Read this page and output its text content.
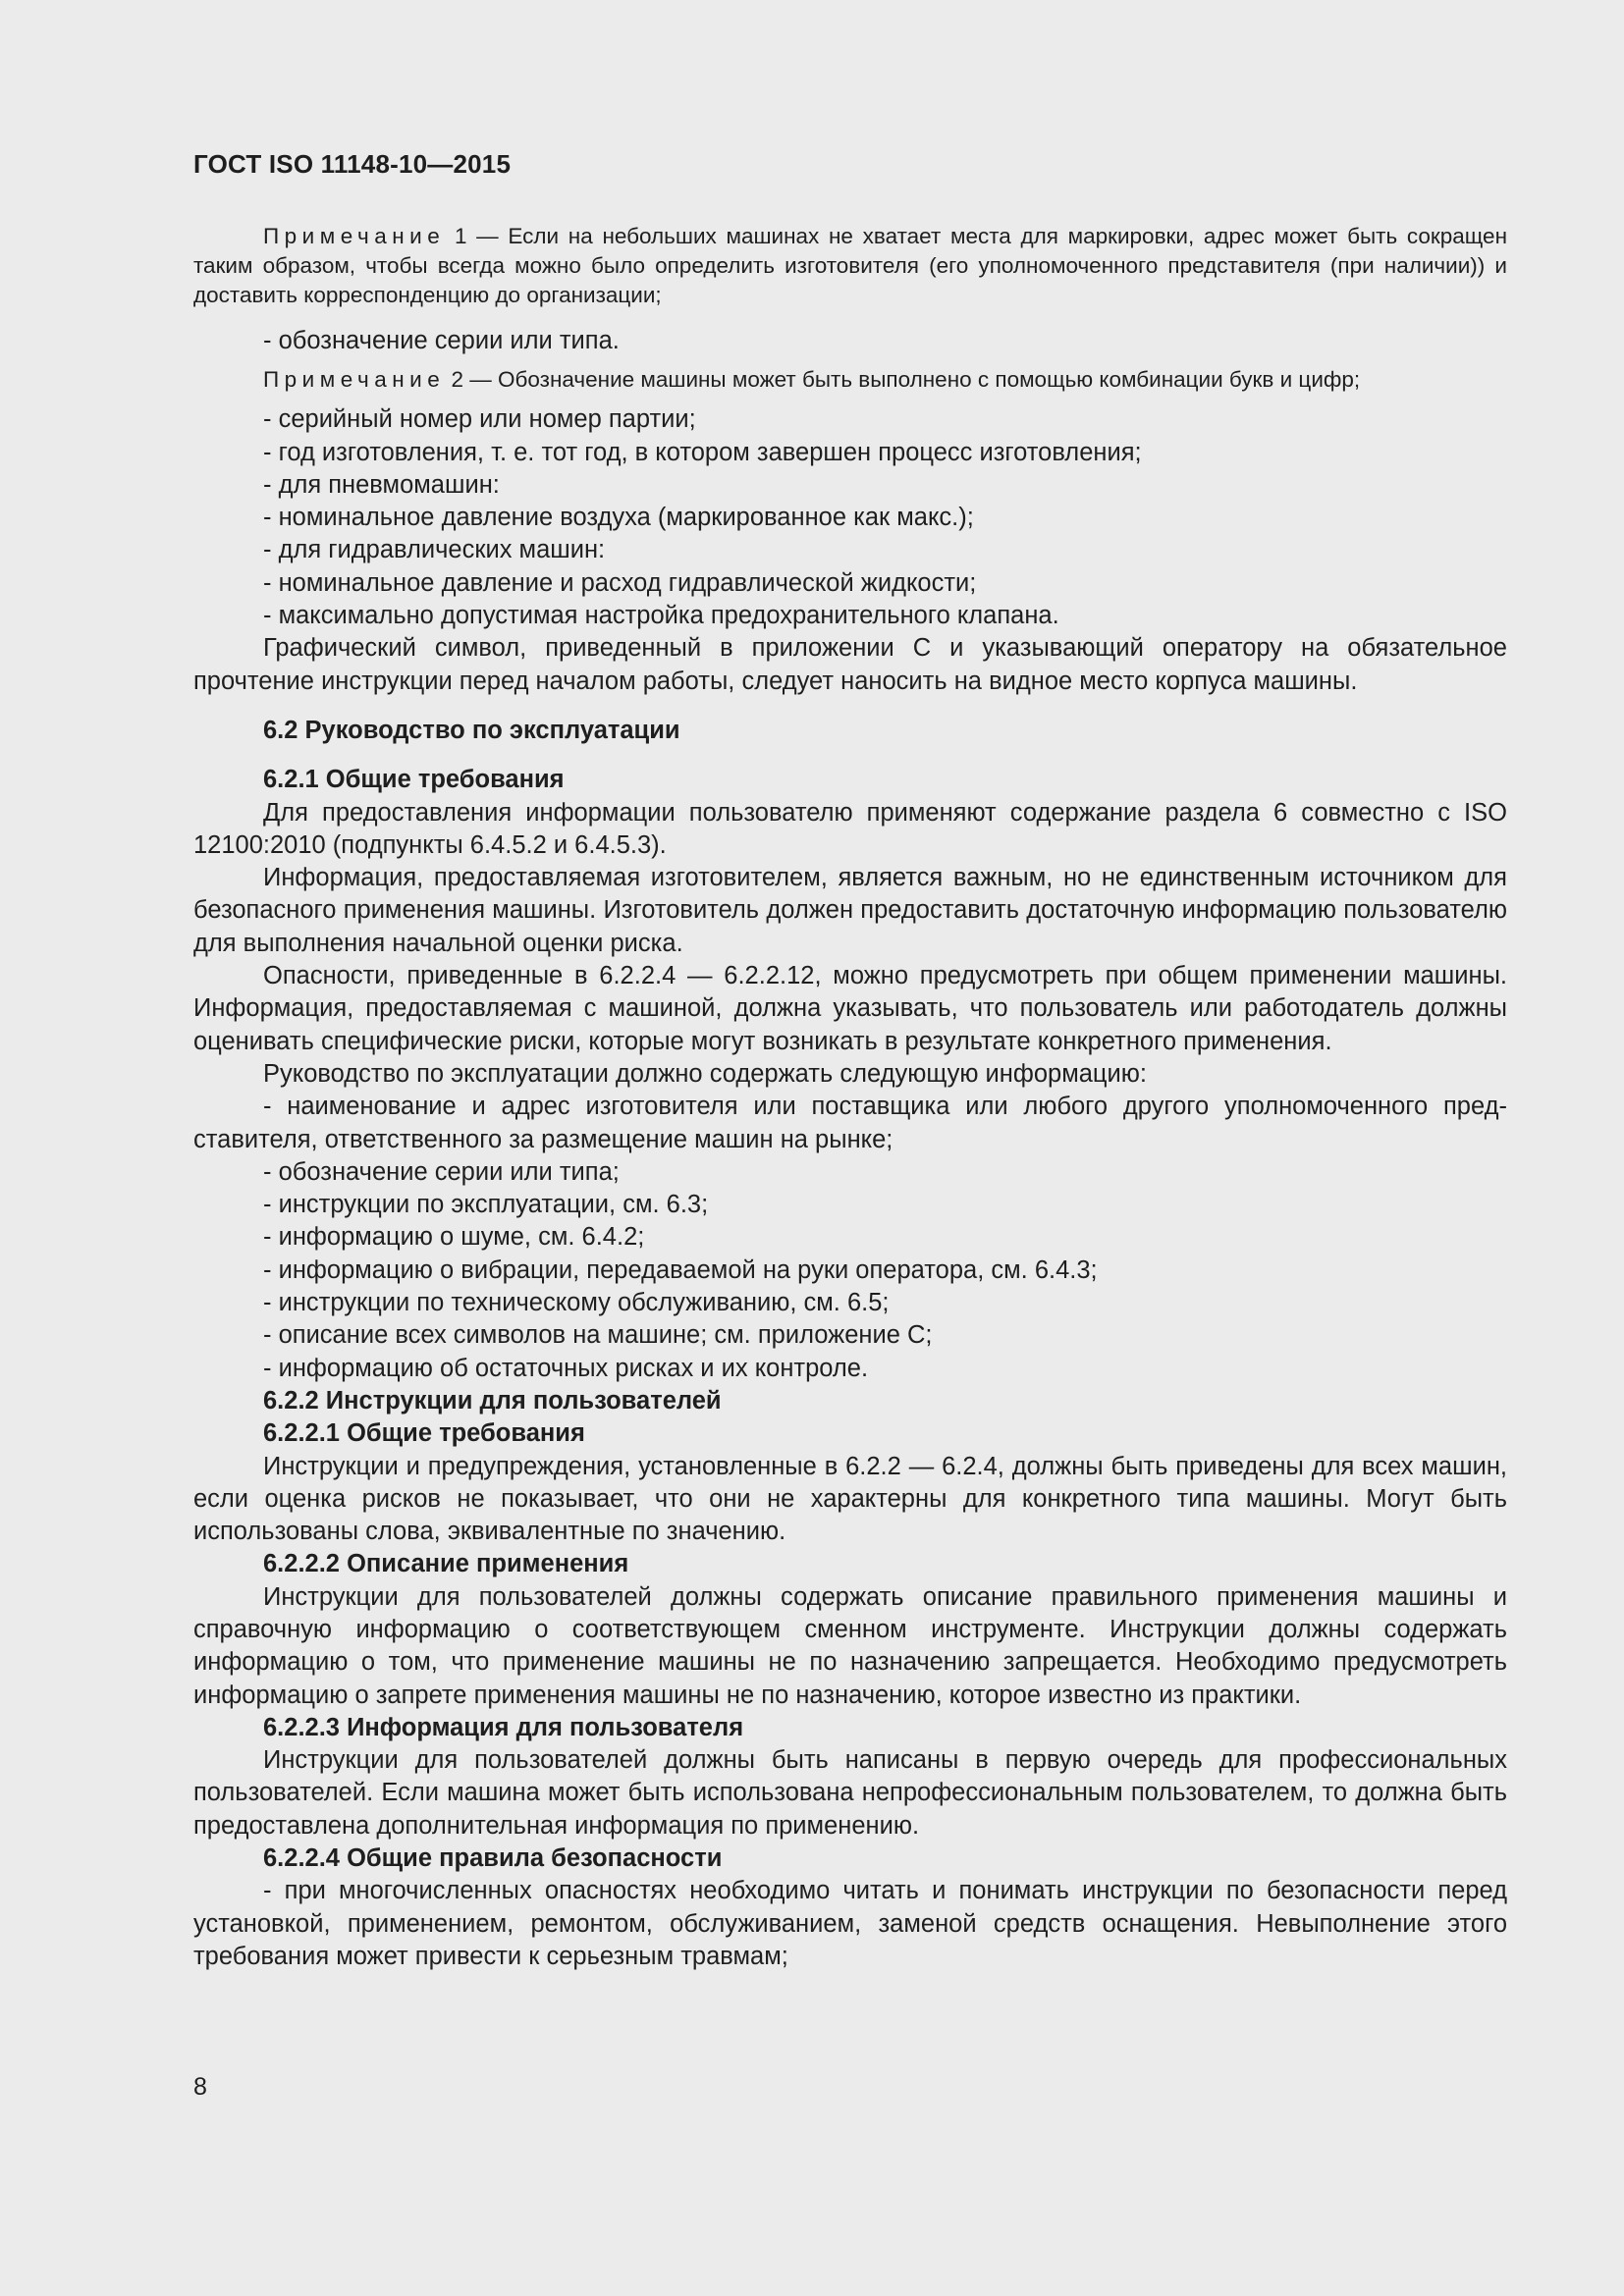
ГОСТ ISO 11148-10—2015

Примечание 1 — Если на небольших машинах не хватает места для маркировки, адрес может быть сокращен таким образом, чтобы всегда можно было определить изготовителя (его уполномоченного представителя (при наличии)) и доставить корреспонденцию до организации;

- обозначение серии или типа.

Примечание 2 — Обозначение машины может быть выполнено с помощью комбинации букв и цифр;

- серийный номер или номер партии;

- год изготовления, т. е. тот год, в котором завершен процесс изготовления;

- для пневмомашин:

- номинальное давление воздуха (маркированное как макс.);

- для гидравлических машин:

- номинальное давление и расход гидравлической жидкости;

- максимально допустимая настройка предохранительного клапана.

Графический символ, приведенный в приложении С и указывающий оператору на обязательное прочтение инструкции перед началом работы, следует наносить на видное место корпуса машины.

6.2 Руководство по эксплуатации

6.2.1 Общие требования

Для предоставления информации пользователю применяют содержание раздела 6 совместно с ISO 12100:2010 (подпункты 6.4.5.2 и 6.4.5.3).

Информация, предоставляемая изготовителем, является важным, но не единственным источником для безопасного применения машины. Изготовитель должен предоставить достаточную информацию пользователю для выполнения начальной оценки риска.

Опасности, приведенные в 6.2.2.4 — 6.2.2.12, можно предусмотреть при общем применении машины. Информация, предоставляемая с машиной, должна указывать, что пользователь или работодатель должны оценивать специфические риски, которые могут возникать в результате конкретного применения.

Руководство по эксплуатации должно содержать следующую информацию:

- наименование и адрес изготовителя или поставщика или любого другого уполномоченного представителя, ответственного за размещение машин на рынке;

- обозначение серии или типа;

- инструкции по эксплуатации, см. 6.3;

- информацию о шуме, см. 6.4.2;

- информацию о вибрации, передаваемой на руки оператора, см. 6.4.3;

- инструкции по техническому обслуживанию, см. 6.5;

- описание всех символов на машине; см. приложение С;

- информацию об остаточных рисках и их контроле.

6.2.2 Инструкции для пользователей

6.2.2.1 Общие требования

Инструкции и предупреждения, установленные в 6.2.2 — 6.2.4, должны быть приведены для всех машин, если оценка рисков не показывает, что они не характерны для конкретного типа машины. Могут быть использованы слова, эквивалентные по значению.

6.2.2.2 Описание применения

Инструкции для пользователей должны содержать описание правильного применения машины и справочную информацию о соответствующем сменном инструменте. Инструкции должны содержать информацию о том, что применение машины не по назначению запрещается. Необходимо предусмотреть информацию о запрете применения машины не по назначению, которое известно из практики.

6.2.2.3 Информация для пользователя

Инструкции для пользователей должны быть написаны в первую очередь для профессиональных пользователей. Если машина может быть использована непрофессиональным пользователем, то должна быть предоставлена дополнительная информация по применению.

6.2.2.4 Общие правила безопасности

- при многочисленных опасностях необходимо читать и понимать инструкции по безопасности перед установкой, применением, ремонтом, обслуживанием, заменой средств оснащения. Невыполнение этого требования может привести к серьезным травмам;

8
